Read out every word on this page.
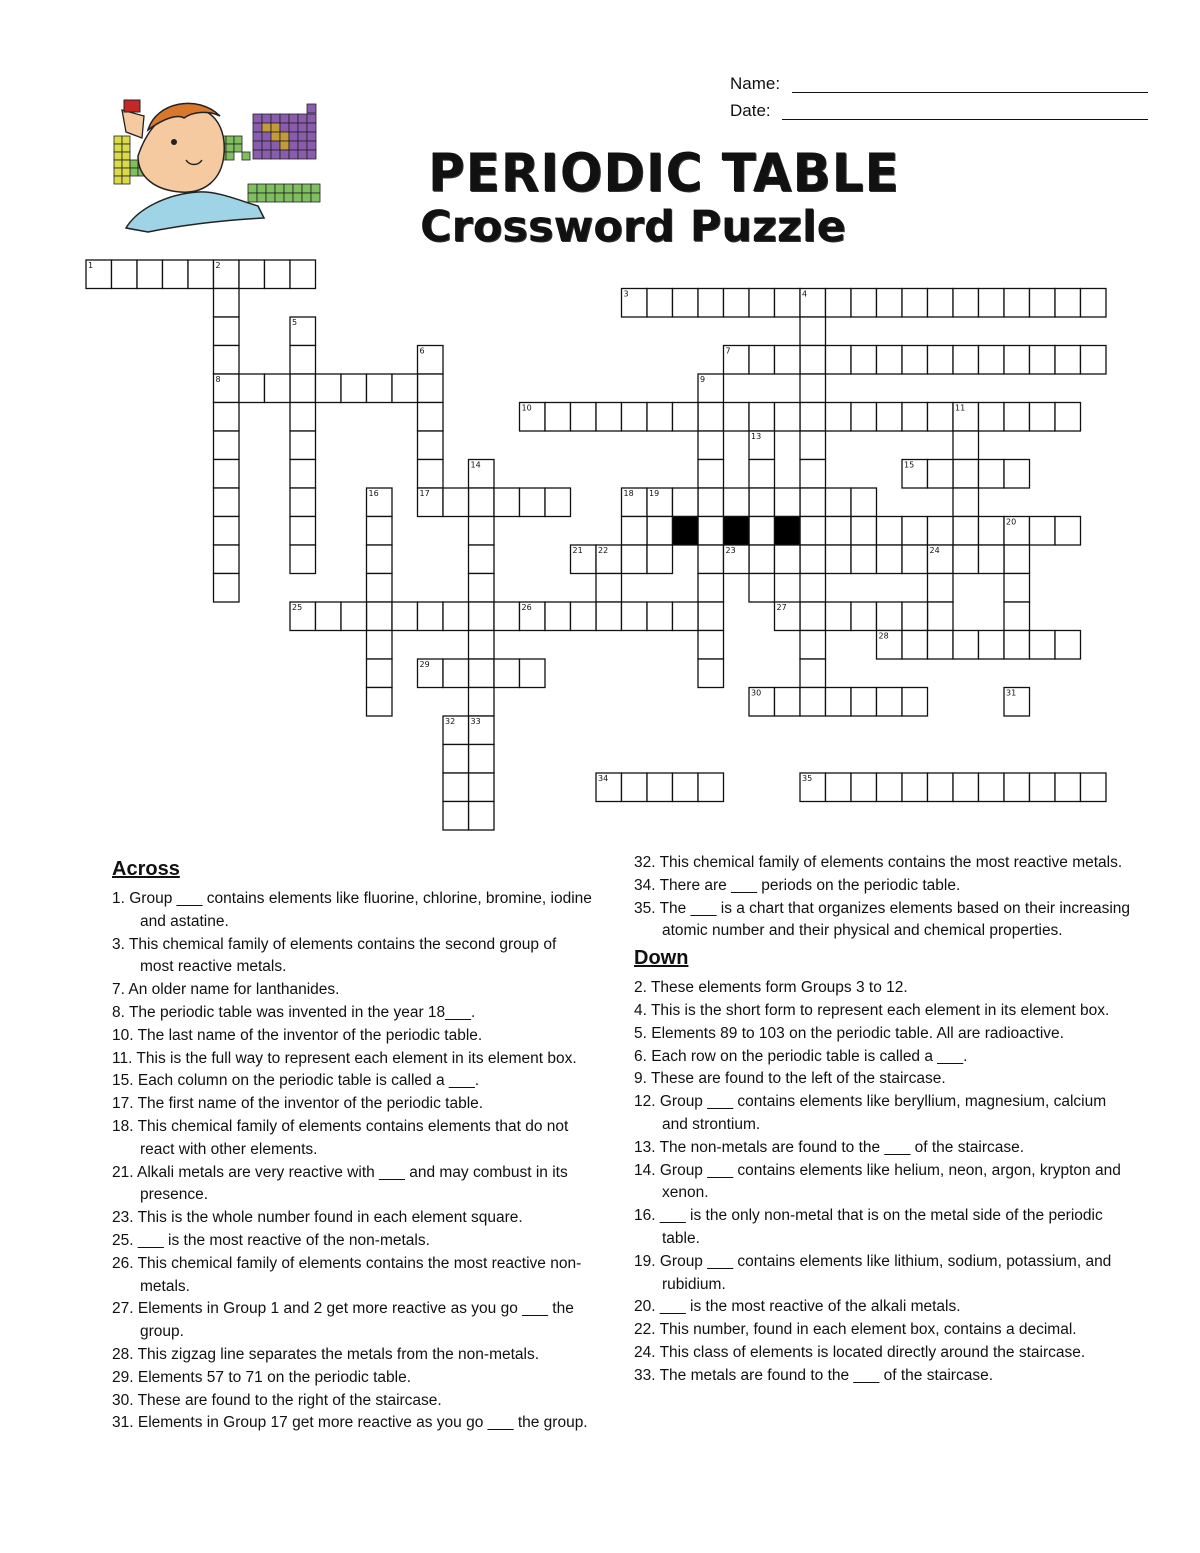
Name:
Date:
PERIODIC TABLE
Crossword Puzzle
1	2
3	4
5
6	7
8	9
10	11
13
14	15
16	17	18 19
20
21 22	23	24
25	26	27
28
29
30	31
32 33
34	35
Across
1. Group ___ contains elements like fluorine, chlorine, bromine, iodine and astatine.
3. This chemical family of elements contains the second group of most reactive metals.
7. An older name for lanthanides.
8. The periodic table was invented in the year 18___.
10. The last name of the inventor of the periodic table.
11. This is the full way to represent each element in its element box.
15. Each column on the periodic table is called a ___.
17. The first name of the inventor of the periodic table.
18. This chemical family of elements contains elements that do not react with other elements.
21. Alkali metals are very reactive with ___ and may combust in its presence.
23. This is the whole number found in each element square.
25. ___ is the most reactive of the non-metals.
26. This chemical family of elements contains the most reactive non-metals.
27. Elements in Group 1 and 2 get more reactive as you go ___ the group.
28. This zigzag line separates the metals from the non-metals.
29. Elements 57 to 71 on the periodic table.
30. These are found to the right of the staircase.
31. Elements in Group 17 get more reactive as you go ___ the group.
32. This chemical family of elements contains the most reactive metals.
34. There are ___ periods on the periodic table.
35. The ___ is a chart that organizes elements based on their increasing atomic number and their physical and chemical properties.
Down
2. These elements form Groups 3 to 12.
4. This is the short form to represent each element in its element box.
5. Elements 89 to 103 on the periodic table. All are radioactive.
6. Each row on the periodic table is called a ___.
9. These are found to the left of the staircase.
12. Group ___ contains elements like beryllium, magnesium, calcium and strontium.
13. The non-metals are found to the ___ of the staircase.
14. Group ___ contains elements like helium, neon, argon, krypton and xenon.
16. ___ is the only non-metal that is on the metal side of the periodic table.
19. Group ___ contains elements like lithium, sodium, potassium, and rubidium.
20. ___ is the most reactive of the alkali metals.
22. This number, found in each element box, contains a decimal.
24. This class of elements is located directly around the staircase.
33. The metals are found to the ___ of the staircase.
